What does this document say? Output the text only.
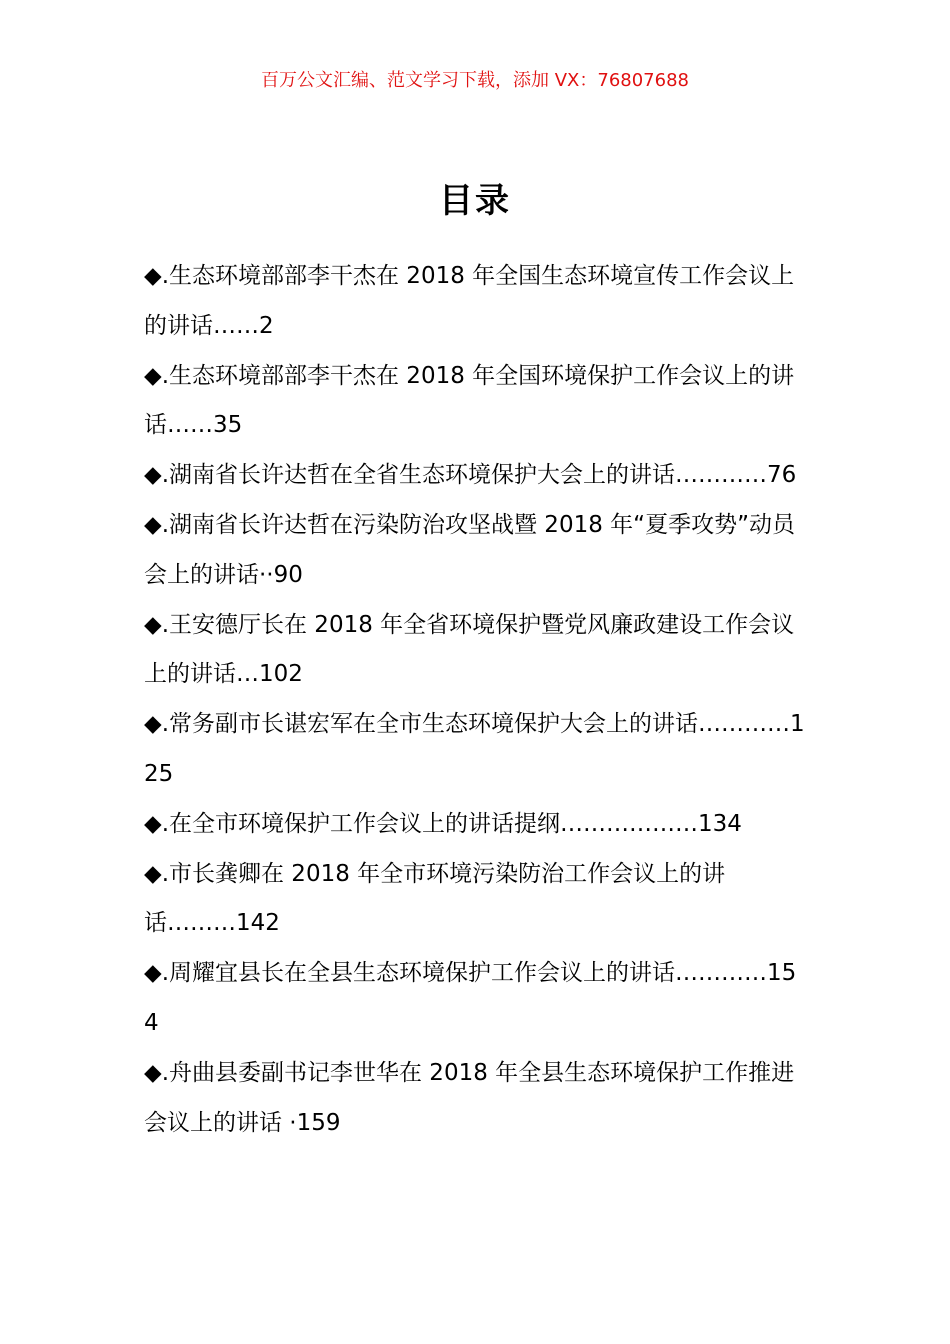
百万公文汇编、范文学习下载，添加 VX：76807688
目录
◆.生态环境部部李干杰在 2018 年全国生态环境宣传工作会议上的讲话……2
◆.生态环境部部李干杰在 2018 年全国环境保护工作会议上的讲话……35
◆.湖南省长许达哲在全省生态环境保护大会上的讲话…………76
◆.湖南省长许达哲在污染防治攻坚战暨 2018 年“夏季攻势”动员会上的讲话··90
◆.王安德厅长在 2018 年全省环境保护暨党风廉政建设工作会议上的讲话…102
◆.常务副市长谌宏军在全市生态环境保护大会上的讲话…………125
◆.在全市环境保护工作会议上的讲话提纲………………134
◆.市长龚卿在 2018 年全市环境污染防治工作会议上的讲话………142
◆.周耀宜县长在全县生态环境保护工作会议上的讲话…………154
◆.舟曲县委副书记李世华在 2018 年全县生态环境保护工作推进会议上的讲话 ·159
